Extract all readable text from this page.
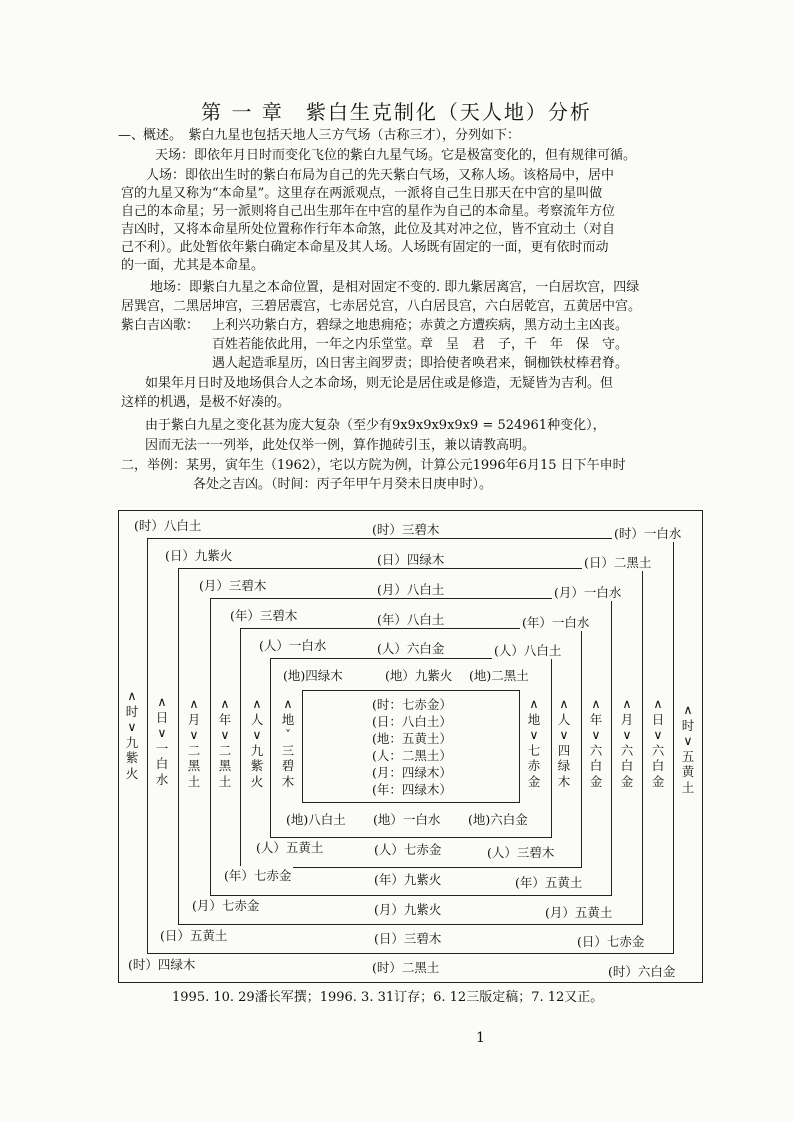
第 一 章　紫白生克制化（天人地）分析
—、
概述。　紫白九星也包括天地人三方气场（古称三才），分列如下：
天场：即依年月日时而变化飞位的紫白九星气场。它是极富变化的，但有规律可循。
人场：即依出生时的紫白布局为自己的先天紫白气场，又称人场。该格局中，居中
宫的九星又称为“本命星”。这里存在两派观点，一派将自己生日那天在中宫的星叫做
自己的本命星；另一派则将自己出生那年在中宫的星作为自己的本命星。考察流年方位
吉凶时，又将本命星所处位置称作行年本命煞，此位及其对冲之位，皆不宜动土（对自
己不利）。此处暂依年紫白确定本命星及其人场。人场既有固定的一面，更有依时而动
的一面，尤其是本命星。
地场：即紫白九星之本命位置，是相对固定不变的. 即九紫居离宫，一白居坎宫，四绿
居巽宫，二黑居坤宫，三碧居震宫，七赤居兑宫，八白居艮宫，六白居乾宫，五黄居中宫。
紫白吉凶歌： 上利兴功紫白方，碧绿之地患痈疮；赤黄之方遭疾病，黑方动土主凶丧。
百姓若能依此用，一年之内乐堂堂。章　呈　君　子，千　年　保　守。
遇人起造乖星历，凶日害主阎罗责；即拾使者唤君来，铜枷铁杖棒君脊。
如果年月日时及地场俱合人之本命场，则无论是居住或是修造，无疑皆为吉利。但
这样的机遇，是极不好凑的。
由于紫白九星之变化甚为庞大复杂（至少有9x9x9x9x9x9 = 524961种变化），
因而无法一一列举，此处仅举一例，算作抛砖引玉，兼以请教高明。
二，举例：某男，寅年生（1962），宅以方院为例，计算公元1996年6月15 日下午申时
各处之吉凶。（时间：丙子年甲午月癸未日庚申时）。
(时）八白土	(时）三碧木	(时）一白水
(时）四绿木	(时）二黑土	(时）六白金
∧时∨九紫火
∧时∨五黄土
(日）九紫火	(日）四绿木	(日）二黑土
(日）五黄土	(日）三碧木	(日）七赤金
∧日∨一白水
∧日∨六白金
(月）三碧木	(月）八白土	(月）一白水
(月）七赤金	(月）九紫火	(月）五黄土
∧月∨二黑土
∧月∨六白金
(年）三碧木	(年）八白土	(年）一白水
(年）七赤金	(年）九紫火	(年）五黄土
∧年∨二黑土
∧年∨六白金
(人）一白水	(人）六白金	(人）八白土
(人）五黄土	(人）七赤金	(人）三碧木
∧人∨九紫火
∧人∨四绿木
(地)四绿木	(地）九紫火 (地)二黑土
(地)八白土 (地）一白水 (地)六白金
∧地ˇ三碧木
∧地∨七赤金
(时：七赤金）
(日：八白土）
(地：五黄土）
(人：二黑土）
(月：四绿木）
(年：四绿木）
1995. 10. 29潘长军撰；1996. 3. 31订存；6. 12三版定稿；7. 12又正。
1
